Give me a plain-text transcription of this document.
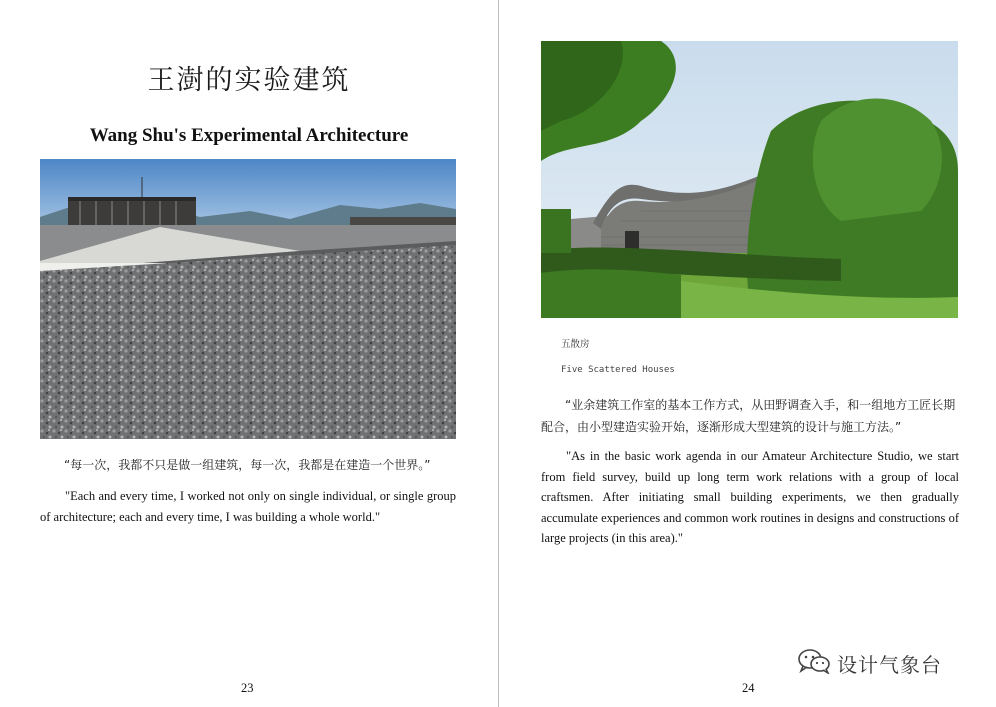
王澍的实验建筑
Wang Shu's Experimental Architecture
“每一次，我都不只是做一组建筑，每一次，我都是在建造一个世界。”
"Each and every time, I worked not only on single individual, or single group of architecture; each and every time, I was building a whole world."
23
五散房
Five Scattered Houses
“业余建筑工作室的基本工作方式，从田野调查入手，和一组地方工匠长期配合，由小型建造实验开始，逐渐形成大型建筑的设计与施工方法。”
"As in the basic work agenda in our Amateur Architecture Studio, we start from field survey, build up long term work relations with a group of local craftsmen. After initiating small building experiments, we then gradually accumulate experiences and common work routines in designs and constructions of large projects (in this area)."
24
设计气象台
